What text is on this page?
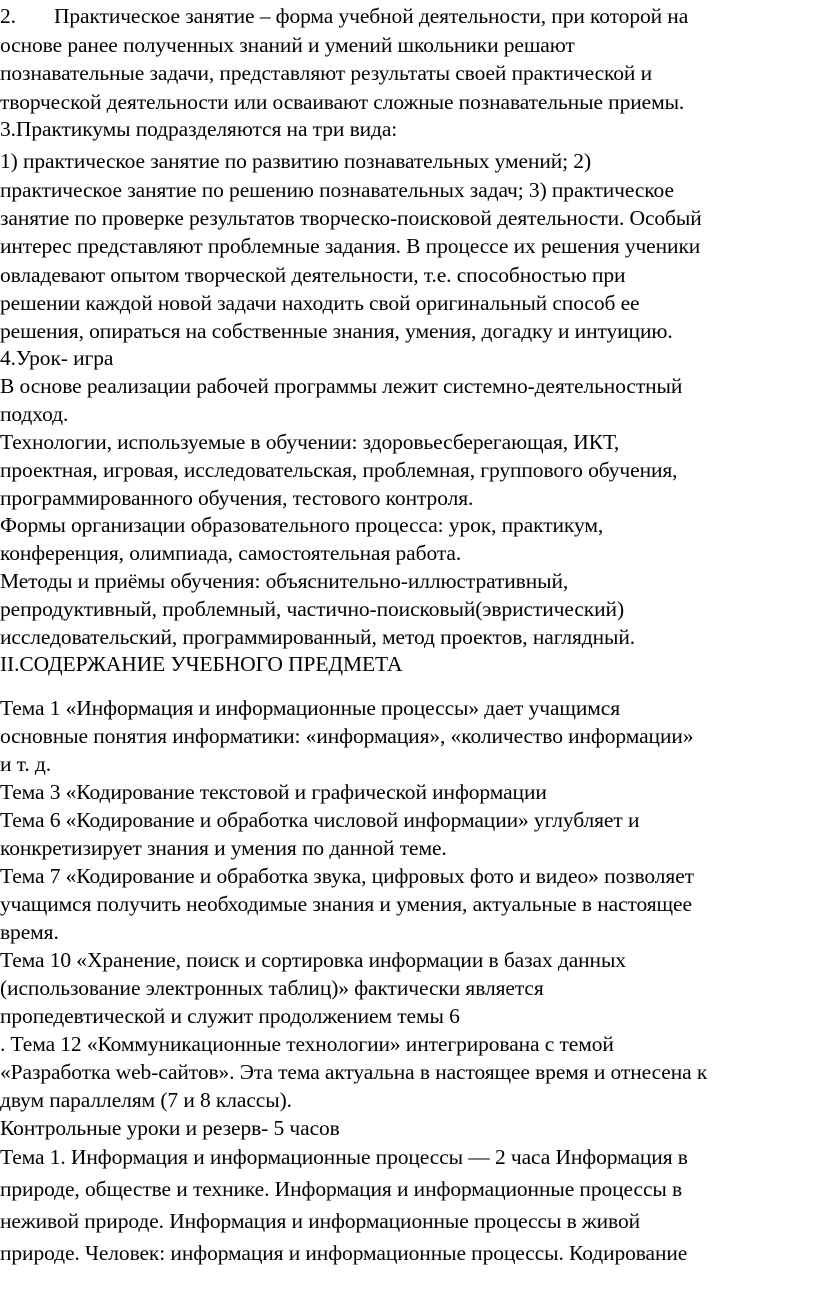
2. Практическое занятие – форма учебной деятельности, при которой на

основе ранее полученных знаний и умений школьники решают

познавательные задачи, представляют результаты своей практической и

творческой деятельности или осваивают сложные познавательные приемы.

3.Практикумы подразделяются на три вида:

1) практическое занятие по развитию познавательных умений; 2)

практическое занятие по решению познавательных задач; 3) практическое

занятие по проверке результатов творческо-поисковой деятельности. Особый

интерес представляют проблемные задания. В процессе их решения ученики

овладевают опытом творческой деятельности, т.е. способностью при

решении каждой новой задачи находить свой оригинальный способ ее

решения, опираться на собственные знания, умения, догадку и интуицию.

4.Урок- игра

В основе реализации рабочей программы лежит системно-деятельностный

подход.

Технологии, используемые в обучении: здоровьесберегающая, ИКТ,

проектная, игровая, исследовательская, проблемная, группового обучения,

программированного обучения, тестового контроля.

Формы организации образовательного процесса: урок, практикум,

конференция, олимпиада, самостоятельная работа.

Методы и приёмы обучения: объяснительно-иллюстративный,

репродуктивный, проблемный, частично-поисковый(эвристический)

исследовательский, программированный, метод проектов, наглядный.

II.СОДЕРЖАНИЕ УЧЕБНОГО ПРЕДМЕТА

Тема 1 «Информация и информационные процессы» дает учащимся

основные понятия информатики: «информация», «количество информации»

и т. д.

Тема 3 «Кодирование текстовой и графической информации

Тема 6 «Кодирование и обработка числовой информации» углубляет и

конкретизирует знания и умения по данной теме.

Тема 7 «Кодирование и обработка звука, цифровых фото и видео» позволяет

учащимся получить необходимые знания и умения, актуальные в настоящее

время.

Тема 10 «Хранение, поиск и сортировка информации в базах данных

(использование электронных таблиц)» фактически является

пропедевтической и служит продолжением темы 6

. Тема 12 «Коммуникационные технологии» интегрирована с темой

«Разработка web-сайтов». Эта тема актуальна в настоящее время и отнесена к

двум параллелям (7 и 8 классы).

Контрольные уроки и резерв- 5 часов

Тема 1. Информация и информационные процессы — 2 часа Информация в

природе, обществе и технике. Информация и информационные процессы в

неживой природе. Информация и информационные процессы в живой

природе. Человек: информация и информационные процессы. Кодирование
